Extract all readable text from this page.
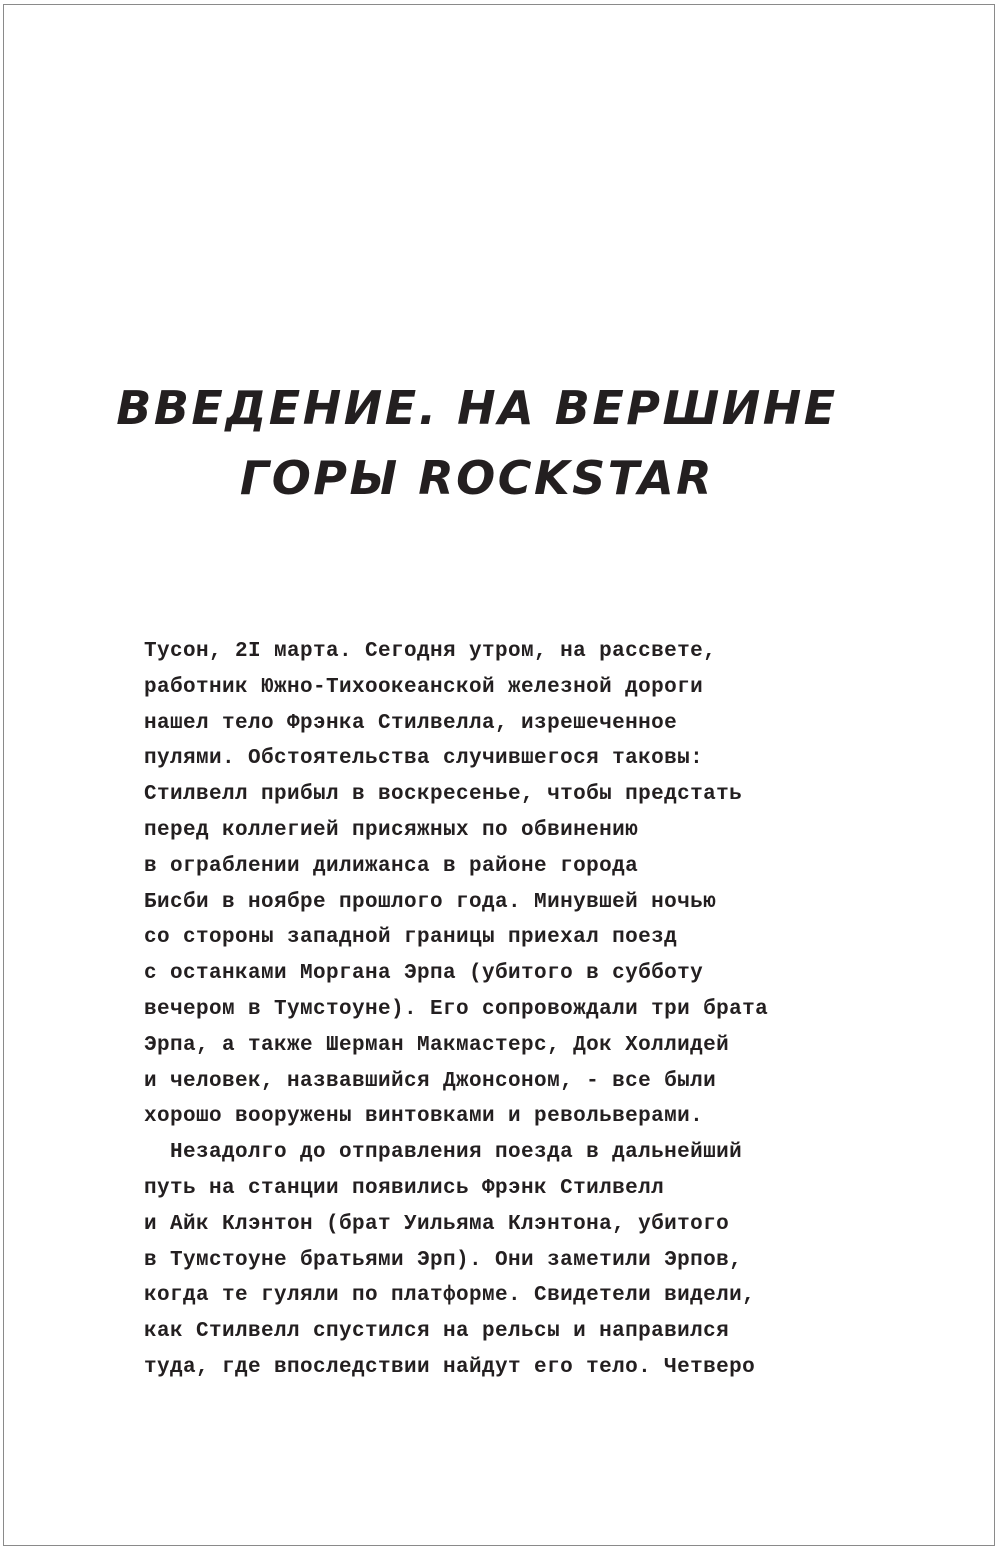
ВВЕДЕНИЕ. НА ВЕРШИНЕ
ГОРЫ ROCKSTAR
Тусон, 2I марта. Сегодня утром, на рассвете,
работник Южно-Тихоокеанской железной дороги
нашел тело Фрэнка Стилвелла, изрешеченное
пулями. Обстоятельства случившегося таковы:
Стилвелл прибыл в воскресенье, чтобы предстать
перед коллегией присяжных по обвинению
в ограблении дилижанса в районе города
Бисби в ноябре прошлого года. Минувшей ночью
со стороны западной границы приехал поезд
с останками Моргана Эрпа (убитого в субботу
вечером в Тумстоуне). Его сопровождали три брата
Эрпа, а также Шерман Макмастерс, Док Холлидей
и человек, назвавшийся Джонсоном, - все были
хорошо вооружены винтовками и револьверами.
Незадолго до отправления поезда в дальнейший
путь на станции появились Фрэнк Стилвелл
и Айк Клэнтон (брат Уильяма Клэнтона, убитого
в Тумстоуне братьями Эрп). Они заметили Эрпов,
когда те гуляли по платформе. Свидетели видели,
как Стилвелл спустился на рельсы и направился
туда, где впоследствии найдут его тело. Четверо
